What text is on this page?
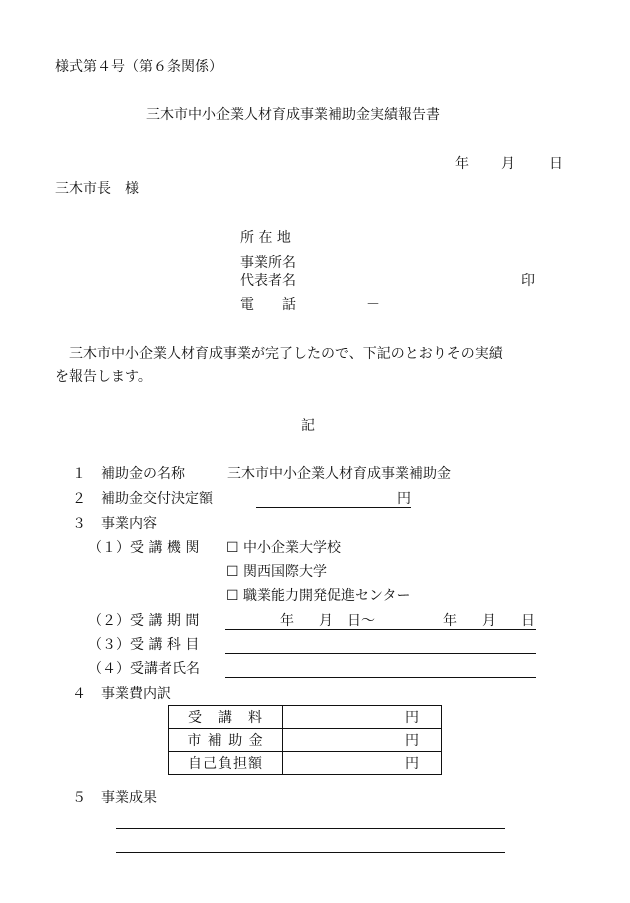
様式第４号（第６条関係）
三木市中小企業人材育成事業補助金実績報告書
年 月 日
三木市長　様
所 在 地
事業所名
代表者名	印
電　　話	－
三木市中小企業人材育成事業が完了したので、下記のとおりその実績
を報告します。
記
１ 補助金の名称	三木市中小企業人材育成事業補助金
２ 補助金交付決定額	円
３ 事業内容
（１）受 講 機 関 ☐ 中小企業大学校
☐ 関西国際大学
☐ 職業能力開発促進センター
（２）受 講 期 間	年 月 日～	年 月 日
（３）受 講 科 目
（４）受講者氏名
４ 事業費内訳
受　講　料	円
市 補 助 金	円
自己負担額	円
５ 事業成果
